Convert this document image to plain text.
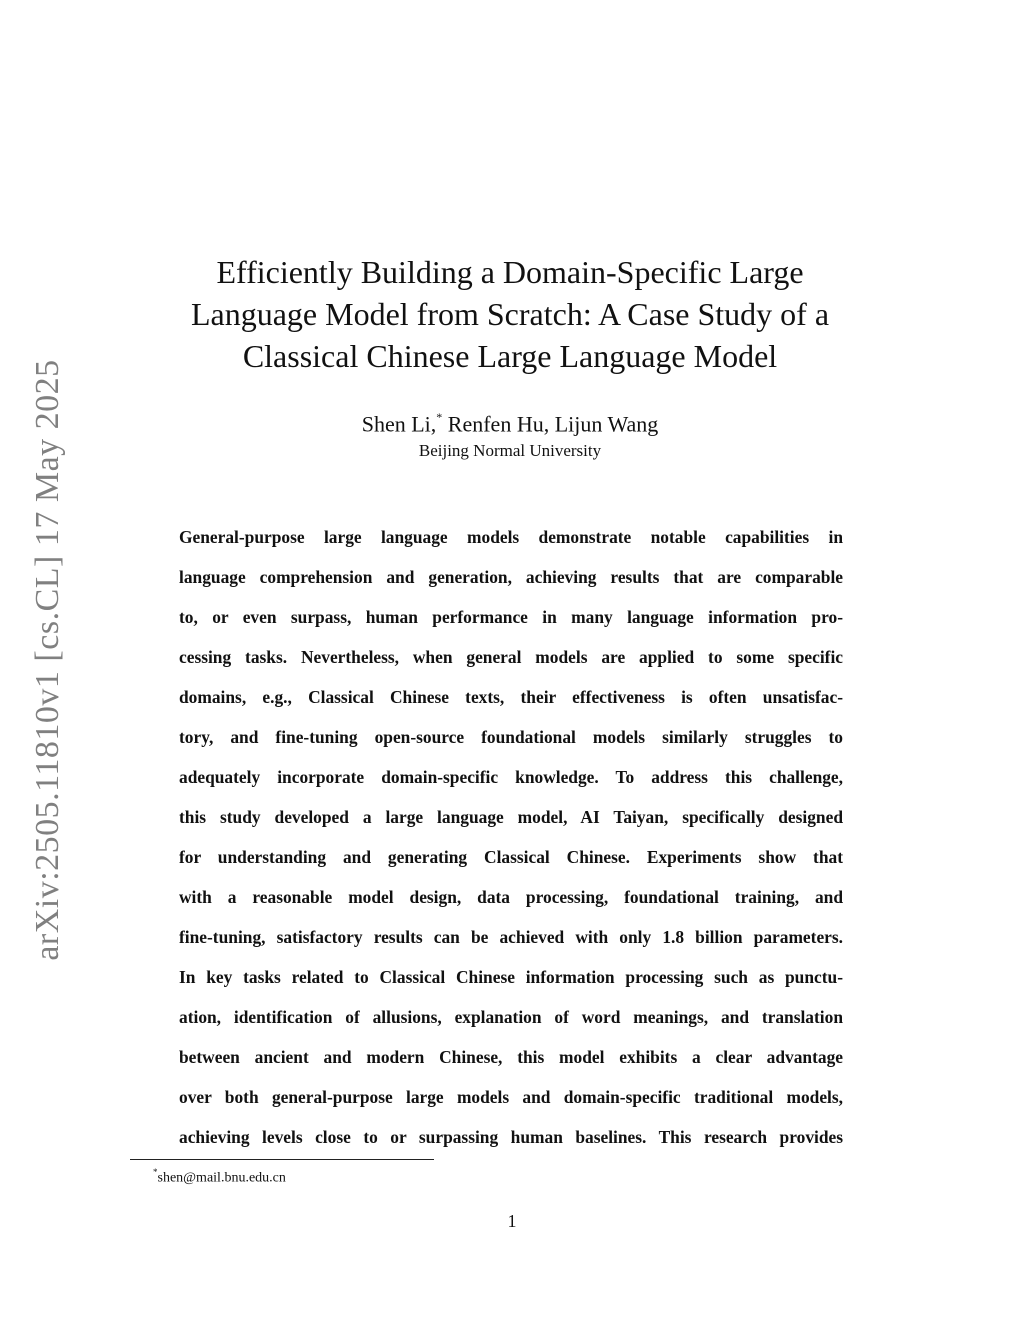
arXiv:2505.11810v1 [cs.CL] 17 May 2025
Efficiently Building a Domain-Specific Large
Language Model from Scratch: A Case Study of a
Classical Chinese Large Language Model
Shen Li,* Renfen Hu, Lijun Wang
Beijing Normal University
General-purpose large language models demonstrate notable capabilities in
language comprehension and generation, achieving results that are comparable
to, or even surpass, human performance in many language information pro-
cessing tasks. Nevertheless, when general models are applied to some specific
domains, e.g., Classical Chinese texts, their effectiveness is often unsatisfac-
tory, and fine-tuning open-source foundational models similarly struggles to
adequately incorporate domain-specific knowledge. To address this challenge,
this study developed a large language model, AI Taiyan, specifically designed
for understanding and generating Classical Chinese. Experiments show that
with a reasonable model design, data processing, foundational training, and
fine-tuning, satisfactory results can be achieved with only 1.8 billion parameters.
In key tasks related to Classical Chinese information processing such as punctu-
ation, identification of allusions, explanation of word meanings, and translation
between ancient and modern Chinese, this model exhibits a clear advantage
over both general-purpose large models and domain-specific traditional models,
achieving levels close to or surpassing human baselines. This research provides
*shen@mail.bnu.edu.cn
1
